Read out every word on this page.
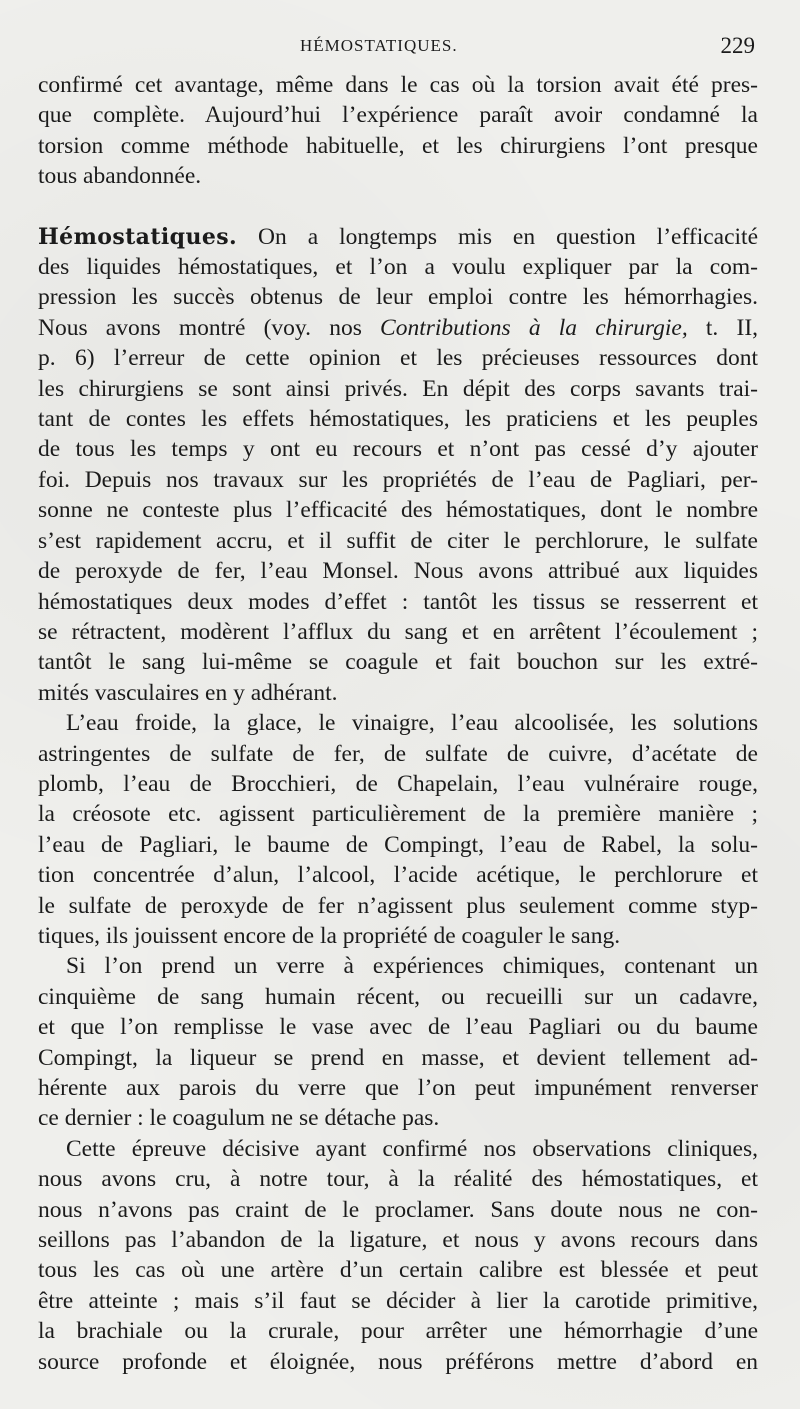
HÉMOSTATIQUES.	229
confirmé cet avantage, même dans le cas où la torsion avait été pres-
que complète. Aujourd’hui l’expérience paraît avoir condamné la
torsion comme méthode habituelle, et les chirurgiens l’ont presque
tous abandonnée.
Hémostatiques. On a longtemps mis en question l’efficacité
des liquides hémostatiques, et l’on a voulu expliquer par la com-
pression les succès obtenus de leur emploi contre les hémorrhagies.
Nous avons montré (voy. nos Contributions à la chirurgie, t. II,
p. 6) l’erreur de cette opinion et les précieuses ressources dont
les chirurgiens se sont ainsi privés. En dépit des corps savants trai-
tant de contes les effets hémostatiques, les praticiens et les peuples
de tous les temps y ont eu recours et n’ont pas cessé d’y ajouter
foi. Depuis nos travaux sur les propriétés de l’eau de Pagliari, per-
sonne ne conteste plus l’efficacité des hémostatiques, dont le nombre
s’est rapidement accru, et il suffit de citer le perchlorure, le sulfate
de peroxyde de fer, l’eau Monsel. Nous avons attribué aux liquides
hémostatiques deux modes d’effet : tantôt les tissus se resserrent et
se rétractent, modèrent l’afflux du sang et en arrêtent l’écoulement ;
tantôt le sang lui-même se coagule et fait bouchon sur les extré-
mités vasculaires en y adhérant.
L’eau froide, la glace, le vinaigre, l’eau alcoolisée, les solutions
astringentes de sulfate de fer, de sulfate de cuivre, d’acétate de
plomb, l’eau de Brocchieri, de Chapelain, l’eau vulnéraire rouge,
la créosote etc. agissent particulièrement de la première manière ;
l’eau de Pagliari, le baume de Compingt, l’eau de Rabel, la solu-
tion concentrée d’alun, l’alcool, l’acide acétique, le perchlorure et
le sulfate de peroxyde de fer n’agissent plus seulement comme styp-
tiques, ils jouissent encore de la propriété de coaguler le sang.
Si l’on prend un verre à expériences chimiques, contenant un
cinquième de sang humain récent, ou recueilli sur un cadavre,
et que l’on remplisse le vase avec de l’eau Pagliari ou du baume
Compingt, la liqueur se prend en masse, et devient tellement ad-
hérente aux parois du verre que l’on peut impunément renverser
ce dernier : le coagulum ne se détache pas.
Cette épreuve décisive ayant confirmé nos observations cliniques,
nous avons cru, à notre tour, à la réalité des hémostatiques, et
nous n’avons pas craint de le proclamer. Sans doute nous ne con-
seillons pas l’abandon de la ligature, et nous y avons recours dans
tous les cas où une artère d’un certain calibre est blessée et peut
être atteinte ; mais s’il faut se décider à lier la carotide primitive,
la brachiale ou la crurale, pour arrêter une hémorrhagie d’une
source profonde et éloignée, nous préférons mettre d’abord en
